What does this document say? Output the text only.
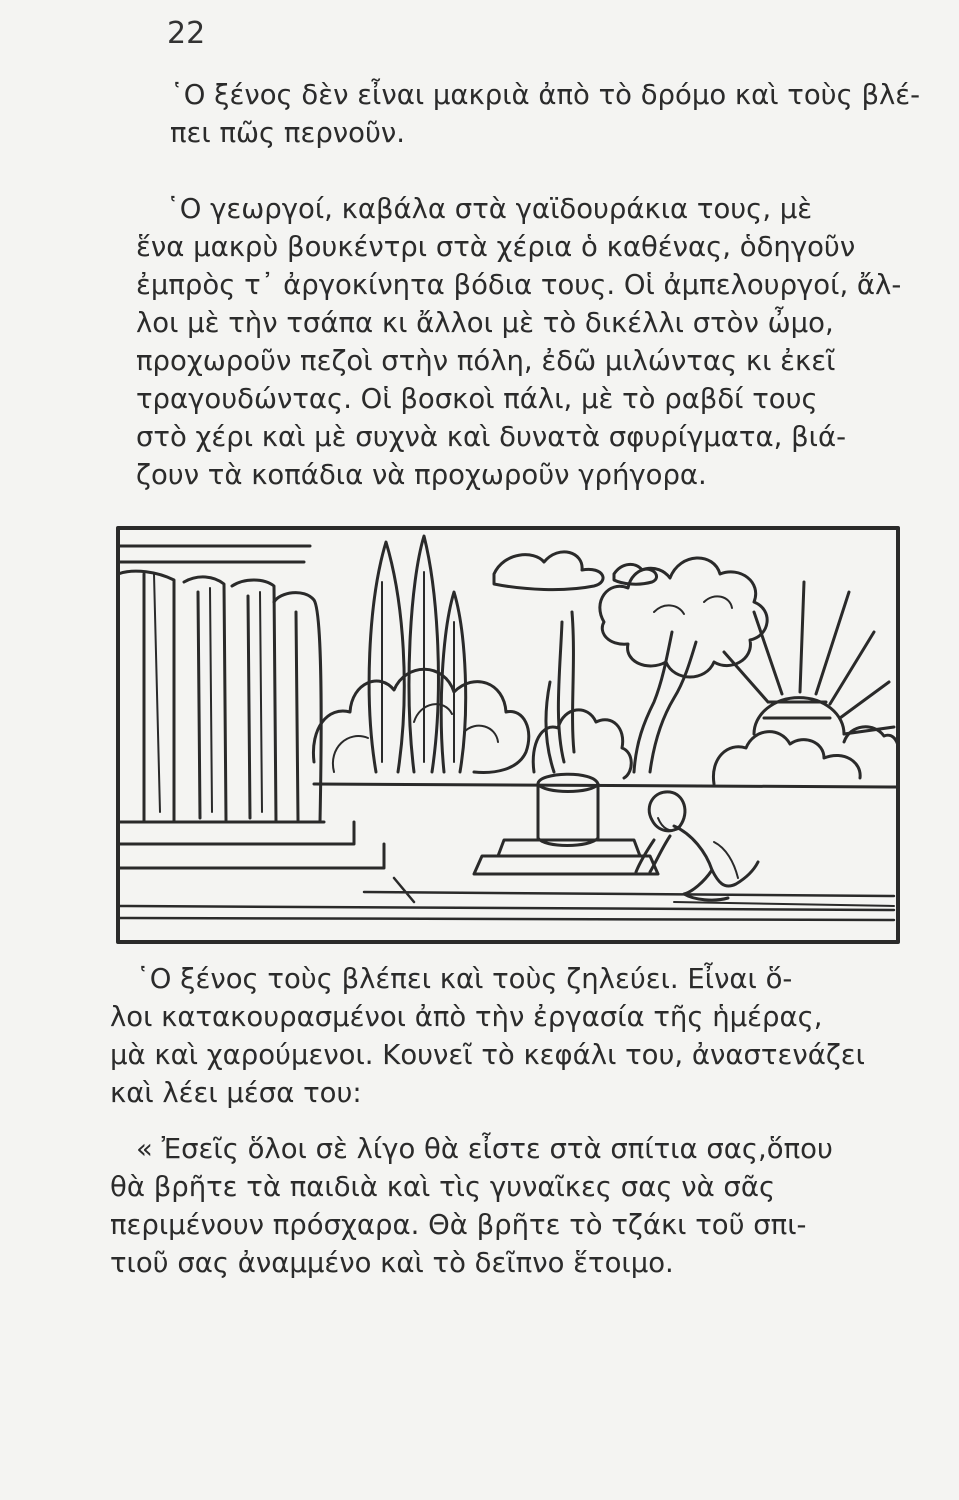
22
῾Ο ξένος δὲν εἶναι μακριὰ ἀπὸ τὸ δρόμο καὶ τοὺς βλέ-
πει πῶς περνοῦν.
῾Ο γεωργοί, καβάλα στὰ γαϊδουράκια τους, μὲ
ἕνα μακρὺ βουκέντρι στὰ χέρια ὁ καθένας, ὁδηγοῦν
ἐμπρὸς τ᾿ ἀργοκίνητα βόδια τους. Οἱ ἀμπελουργοί, ἄλ-
λοι μὲ τὴν τσάπα κι ἄλλοι μὲ τὸ δικέλλι στὸν ὦμο,
προχωροῦν πεζοὶ στὴν πόλη, ἐδῶ μιλώντας κι ἐκεῖ
τραγουδώντας. Οἱ βοσκοὶ πάλι, μὲ τὸ ραβδί τους
στὸ χέρι καὶ μὲ συχνὰ καὶ δυνατὰ σφυρίγματα, βιά-
ζουν τὰ κοπάδια νὰ προχωροῦν γρήγορα.
῾Ο ξένος τοὺς βλέπει καὶ τοὺς ζηλεύει. Εἶναι ὅ-
λοι κατακουρασμένοι ἀπὸ τὴν ἐργασία τῆς ἡμέρας,
μὰ καὶ χαρούμενοι. Κουνεῖ τὸ κεφάλι του, ἀναστενάζει
καὶ λέει μέσα του:
« Ἐσεῖς ὅλοι σὲ λίγο θὰ εἶστε στὰ σπίτια σας,ὅπου
θὰ βρῆτε τὰ παιδιὰ καὶ τὶς γυναῖκες σας νὰ σᾶς
περιμένουν πρόσχαρα. Θὰ βρῆτε τὸ τζάκι τοῦ σπι-
τιοῦ σας ἀναμμένο καὶ τὸ δεῖπνο ἕτοιμο.
